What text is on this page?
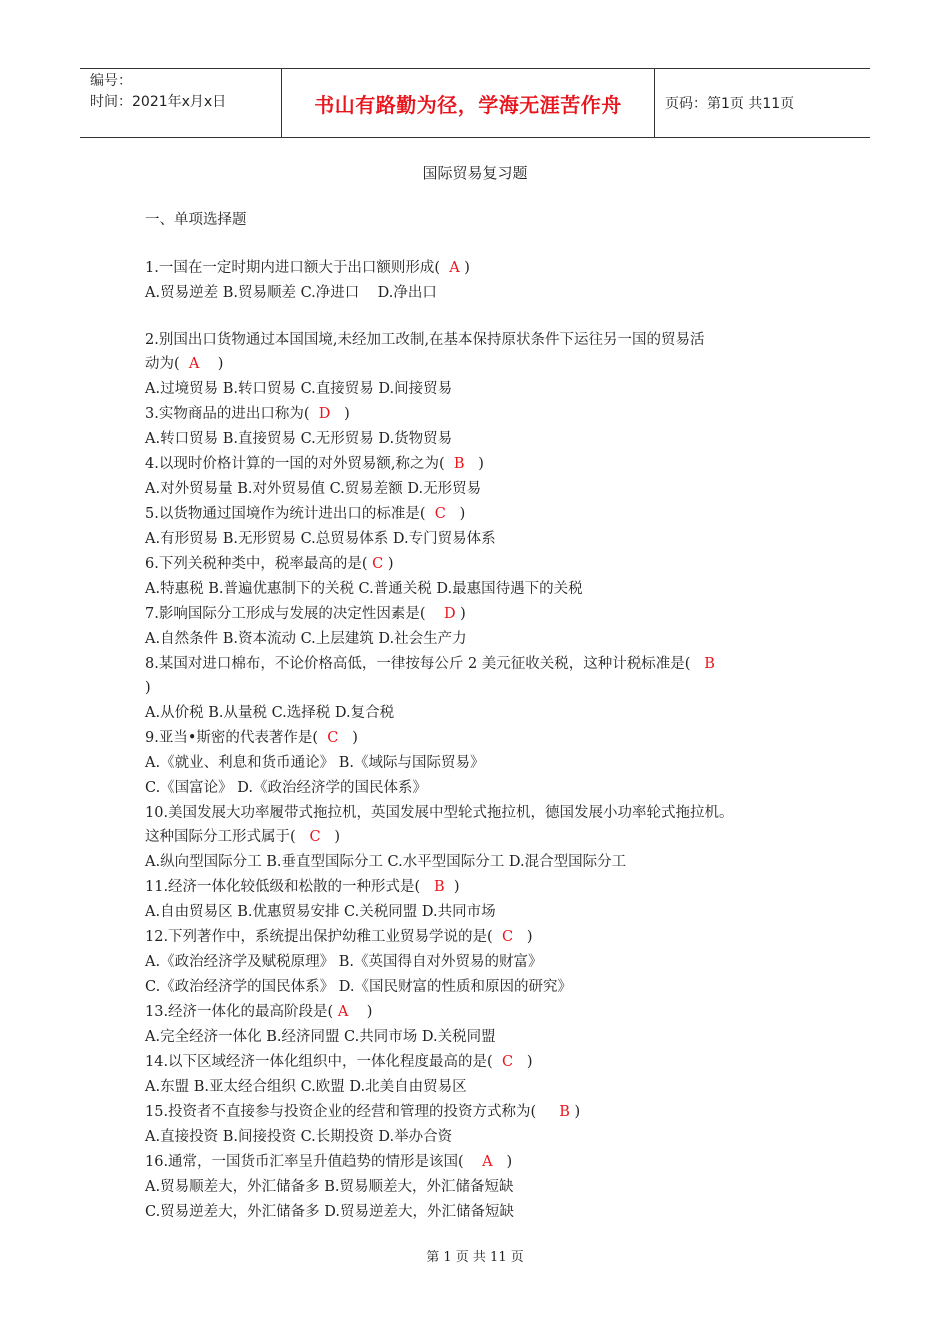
编号：
时间：2021年x月x日	书山有路勤为径，学海无涯苦作舟	页码：第1页 共11页
国际贸易复习题
一、单项选择题
1.一国在一定时期内进口额大于出口额则形成(  A )
A.贸易逆差 B.贸易顺差 C.净进口    D.净出口
2.别国出口货物通过本国国境,未经加工改制,在基本保持原状条件下运往另一国的贸易活
动为(  A    )
A.过境贸易 B.转口贸易 C.直接贸易 D.间接贸易
3.实物商品的进出口称为(  D   )
A.转口贸易 B.直接贸易 C.无形贸易 D.货物贸易
4.以现时价格计算的一国的对外贸易额,称之为(  B   )
A.对外贸易量 B.对外贸易值 C.贸易差额 D.无形贸易
5.以货物通过国境作为统计进出口的标准是(  C   )
A.有形贸易 B.无形贸易 C.总贸易体系 D.专门贸易体系
6.下列关税种类中，税率最高的是( C )
A.特惠税 B.普遍优惠制下的关税 C.普通关税 D.最惠国待遇下的关税
7.影响国际分工形成与发展的决定性因素是(    D )
A.自然条件 B.资本流动 C.上层建筑 D.社会生产力
8.某国对进口棉布，不论价格高低，一律按每公斤 2 美元征收关税，这种计税标准是(   B
)
A.从价税 B.从量税 C.选择税 D.复合税
9.亚当•斯密的代表著作是(  C   )
A.《就业、利息和货币通论》 B.《域际与国际贸易》
C.《国富论》 D.《政治经济学的国民体系》
10.美国发展大功率履带式拖拉机，英国发展中型轮式拖拉机，德国发展小功率轮式拖拉机。
这种国际分工形式属于(   C   )
A.纵向型国际分工 B.垂直型国际分工 C.水平型国际分工 D.混合型国际分工
11.经济一体化较低级和松散的一种形式是(   B  )
A.自由贸易区 B.优惠贸易安排 C.关税同盟 D.共同市场
12.下列著作中，系统提出保护幼稚工业贸易学说的是(  C   )
A.《政治经济学及赋税原理》 B.《英国得自对外贸易的财富》
C.《政治经济学的国民体系》 D.《国民财富的性质和原因的研究》
13.经济一体化的最高阶段是( A    )
A.完全经济一体化 B.经济同盟 C.共同市场 D.关税同盟
14.以下区域经济一体化组织中，一体化程度最高的是(  C   )
A.东盟 B.亚太经合组织 C.欧盟 D.北美自由贸易区
15.投资者不直接参与投资企业的经营和管理的投资方式称为(     B )
A.直接投资 B.间接投资 C.长期投资 D.举办合资
16.通常，一国货币汇率呈升值趋势的情形是该国(    A   )
A.贸易顺差大，外汇储备多 B.贸易顺差大，外汇储备短缺
C.贸易逆差大，外汇储备多 D.贸易逆差大，外汇储备短缺
第 1 页 共 11 页
